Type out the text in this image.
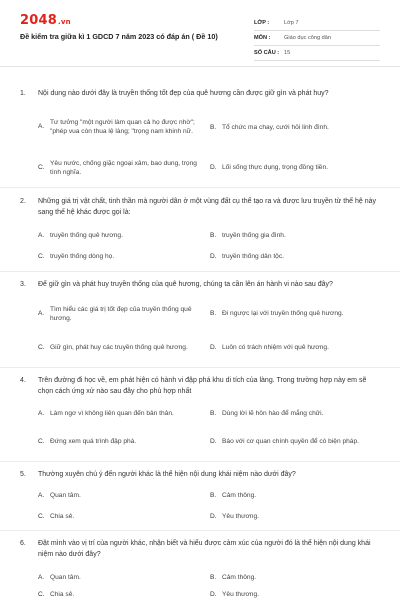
2048.vn
Đề kiểm tra giữa kì 1 GDCD 7 năm 2023 có đáp án ( Đề 10)
LỚP :	Lớp 7
MÔN :	Giáo dục công dân
SỐ CÂU : 15
1. Nội dung nào dưới đây là truyền thống tốt đẹp của quê hương cần được giữ gìn và phát huy?
A.
Tư tưởng "một người làm quan cả họ được nhờ"; "phép vua còn thua lệ làng; "trọng nam khinh nữ.
B. Tổ chức ma chay, cưới hỏi linh đình.
C.
Yêu nước, chống giặc ngoại xâm, bao dung, trọng tình nghĩa.
D. Lối sống thực dụng, trọng đồng tiền.
2. Những giá trị vật chất, tinh thần mà người dân ở một vùng đất cụ thể tạo ra và được lưu truyền từ thế hệ này sang thế hệ khác được gọi là:
A. truyền thống quê hương.	B. truyền thống gia đình.
C. truyền thống dòng họ.	D. truyền thống dân tộc.
3. Để giữ gìn và phát huy truyền thống của quê hương, chúng ta cần lên án hành vi nào sau đây?
A.
Tìm hiểu các giá trị tốt đẹp của truyền thống quê hương.
B. Đi ngược lại với truyền thống quê hương.
C. Giữ gìn, phát huy các truyền thống quê hương.	D. Luôn có trách nhiệm với quê hương.
4. Trên đường đi học về, em phát hiện có hành vi đập phá khu di tích của làng. Trong trường hợp này em sẽ chọn cách ứng xử nào sau đây cho phù hợp nhất
A. Làm ngơ vì không liên quan đến bản thân.	B. Dùng lời lẽ hôn hào để mắng chửi.
C. Đứng xem quá trình đập phá.	D. Báo với cơ quan chính quyền để có biện pháp.
5. Thường xuyên chú ý đến người khác là thể hiện nội dung khái niệm nào dưới đây?
A. Quan tâm.	B. Cảm thông.
C. Chia sẻ.	D. Yêu thương.
6. Đặt mình vào vị trí của người khác, nhận biết và hiểu được cảm xúc của người đó là thể hiện nội dung khái niệm nào dưới đây?
A. Quan tâm.	B. Cảm thông.
C. Chia sẻ.	D. Yêu thương.
